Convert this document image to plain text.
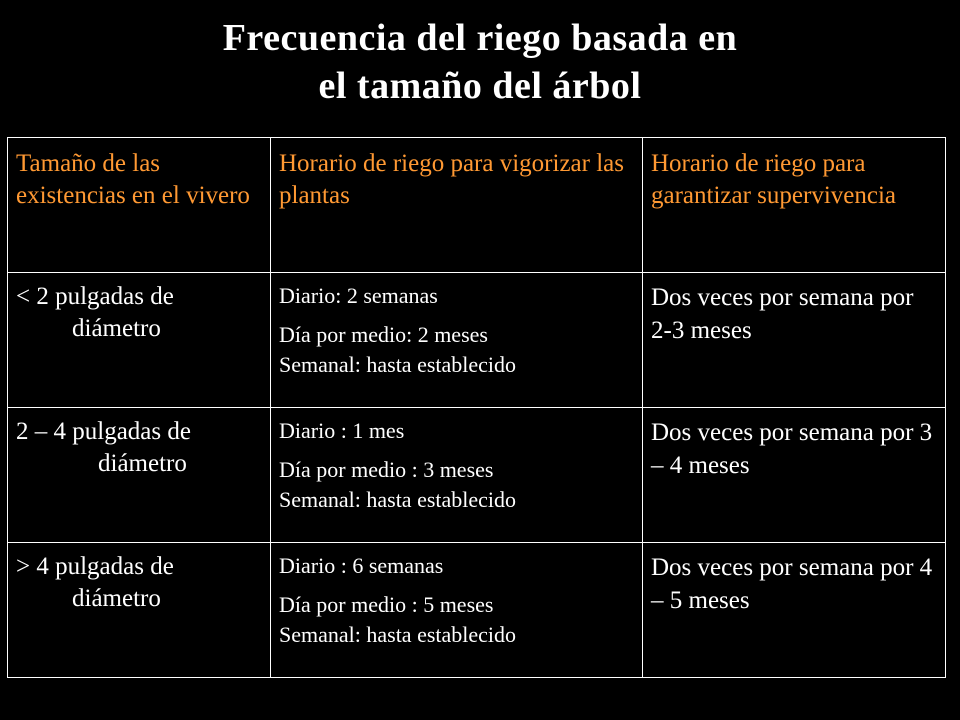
Frecuencia del riego basada en
el tamaño del árbol
Tamaño de las existencias en el vivero	Horario de riego para vigorizar las plantas	Horario de riego para garantizar supervivencia

< 2 pulgadas de
diámetro	Diario: 2 semanas
Día por medio: 2 meses
Semanal: hasta establecido	Dos veces por semana por 2-3 meses

2 – 4 pulgadas de
diámetro	Diario : 1 mes
Día por medio : 3 meses
Semanal: hasta establecido	Dos veces por semana por 3 – 4 meses

> 4 pulgadas de
diámetro	Diario : 6 semanas
Día por medio : 5 meses
Semanal: hasta establecido	Dos veces por semana por 4 – 5 meses
